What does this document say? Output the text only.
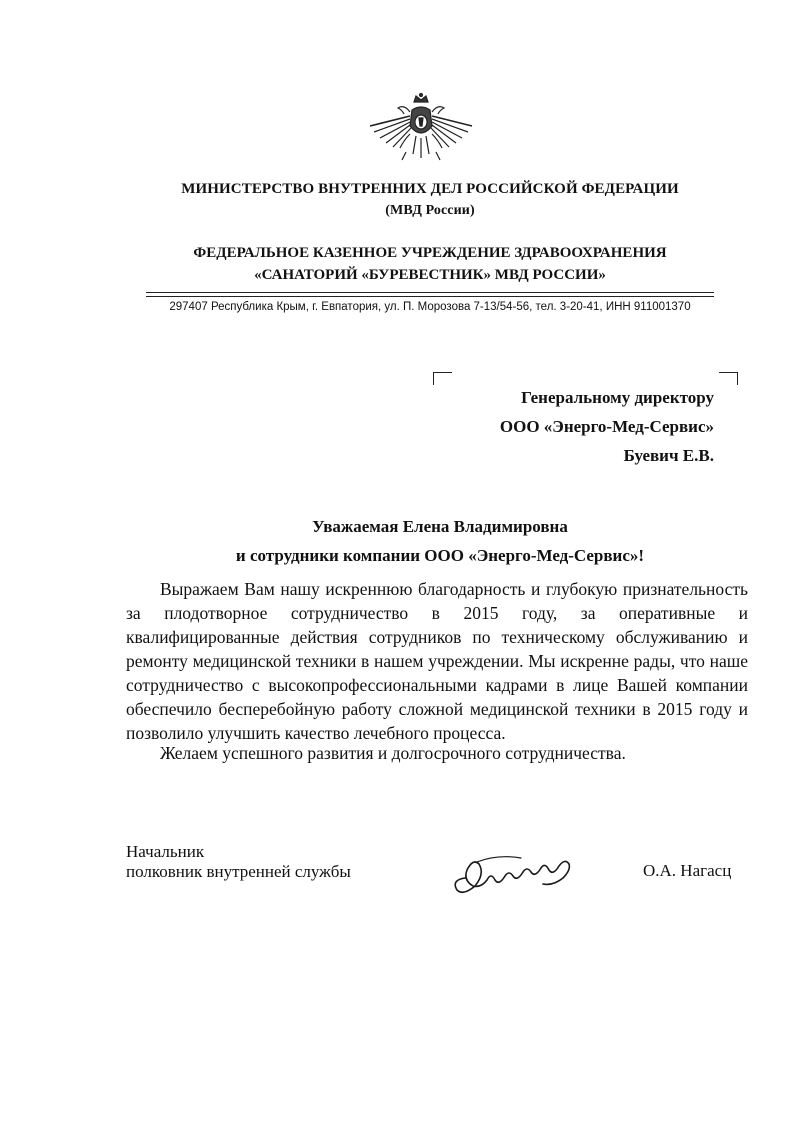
МИНИСТЕРСТВО ВНУТРЕННИХ ДЕЛ РОССИЙСКОЙ ФЕДЕРАЦИИ
(МВД России)
ФЕДЕРАЛЬНОЕ КАЗЕННОЕ УЧРЕЖДЕНИЕ ЗДРАВООХРАНЕНИЯ
«САНАТОРИЙ «БУРЕВЕСТНИК» МВД РОССИИ»
297407 Республика Крым, г. Евпатория, ул. П. Морозова 7-13/54-56, тел. 3-20-41, ИНН 911001370
Генеральному директору
ООО «Энерго-Мед-Сервис»
Буевич Е.В.
Уважаемая Елена Владимировна
и сотрудники компании ООО «Энерго-Мед-Сервис»!

Выражаем Вам нашу искреннюю благодарность и глубокую признательность за плодотворное сотрудничество в 2015 году, за оперативные и квалифицированные действия сотрудников по техническому обслуживанию и ремонту медицинской техники в нашем учреждении. Мы искренне рады, что наше сотрудничество с высокопрофессиональными кадрами в лице Вашей компании обеспечило бесперебойную работу сложной медицинской техники в 2015 году и позволило улучшить качество лечебного процесса.

Желаем успешного развития и долгосрочного сотрудничества.
Начальник
полковник внутренней службы	О.А. Нагасц
